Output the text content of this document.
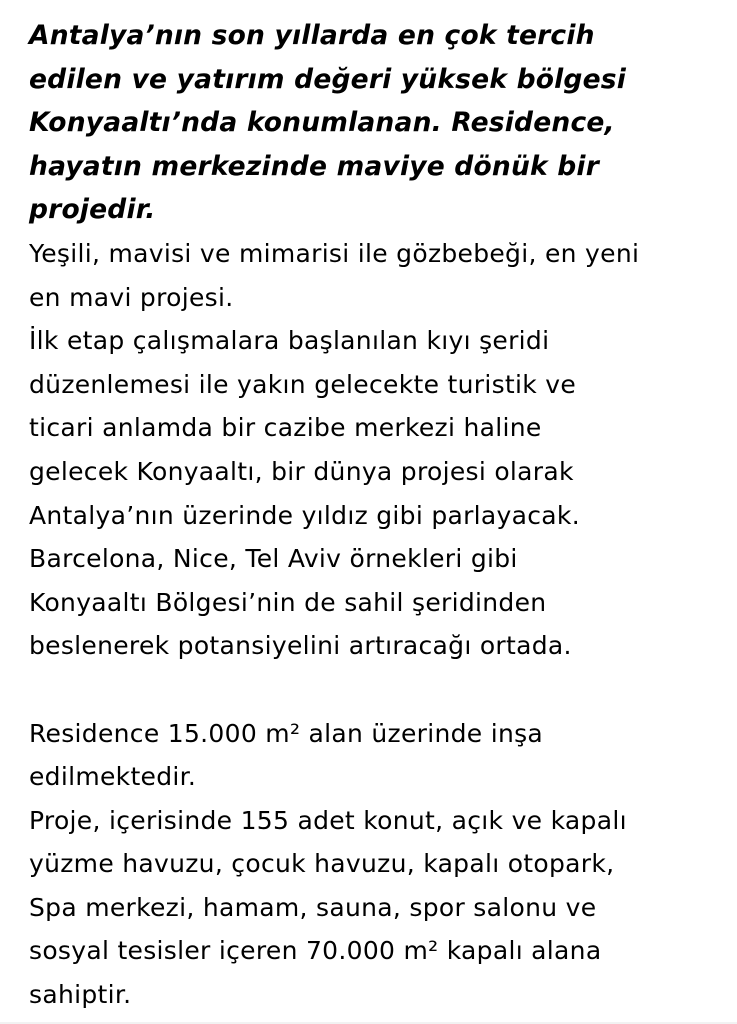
Antalya’nın son yıllarda en çok tercih
edilen ve yatırım değeri yüksek bölgesi
Konyaaltı’nda konumlanan. Residence,
hayatın merkezinde maviye dönük bir
projedir.
Yeşili, mavisi ve mimarisi ile gözbebeği, en yeni
en mavi projesi.
İlk etap çalışmalara başlanılan kıyı şeridi
düzenlemesi ile yakın gelecekte turistik ve
ticari anlamda bir cazibe merkezi haline
gelecek Konyaaltı, bir dünya projesi olarak
Antalya’nın üzerinde yıldız gibi parlayacak.
Barcelona, Nice, Tel Aviv örnekleri gibi
Konyaaltı Bölgesi’nin de sahil şeridinden
beslenerek potansiyelini artıracağı ortada.
Residence 15.000 m² alan üzerinde inşa
edilmektedir.
Proje, içerisinde 155 adet konut, açık ve kapalı
yüzme havuzu, çocuk havuzu, kapalı otopark,
Spa merkezi, hamam, sauna, spor salonu ve
sosyal tesisler içeren 70.000 m² kapalı alana
sahiptir.
